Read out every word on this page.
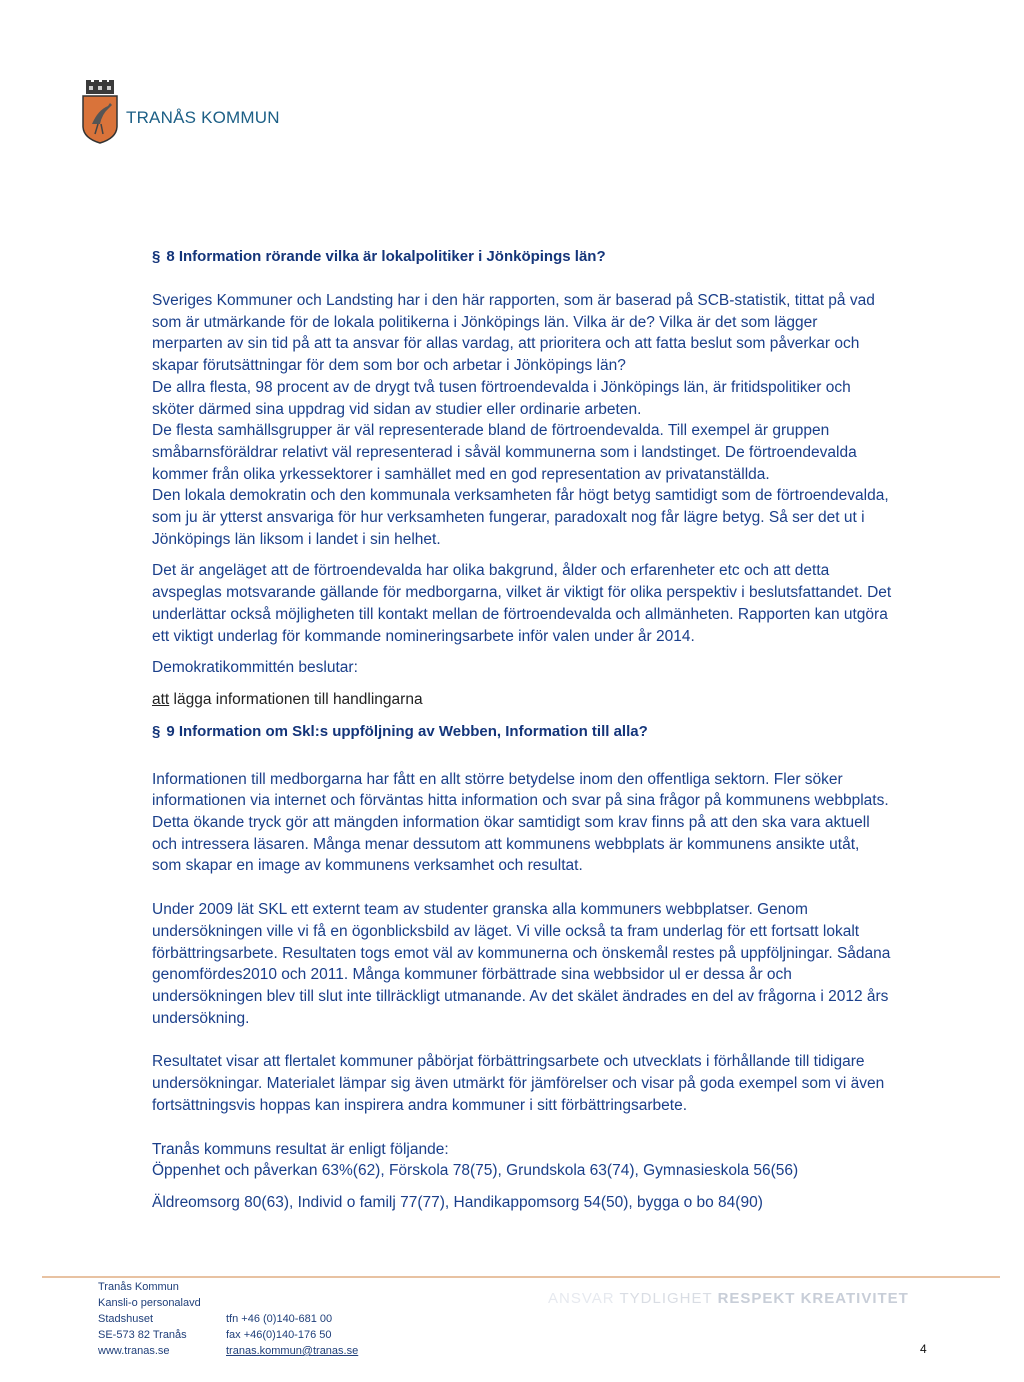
TRANÅS KOMMUN
§ 8 Information rörande vilka är lokalpolitiker i Jönköpings län?

Sveriges Kommuner och Landsting har i den här rapporten, som är baserad på SCB-statistik, tittat på vad som är utmärkande för de lokala politikerna i Jönköpings län. Vilka är de? Vilka är det som lägger merparten av sin tid på att ta ansvar för allas vardag, att prioritera och att fatta beslut som påverkar och skapar förutsättningar för dem som bor och arbetar i Jönköpings län?

De allra flesta, 98 procent av de drygt två tusen förtroendevalda i Jönköpings län, är fritidspolitiker och sköter därmed sina uppdrag vid sidan av studier eller ordinarie arbeten.

De flesta samhällsgrupper är väl representerade bland de förtroendevalda. Till exempel är gruppen småbarnsföräldrar relativt väl representerad i såväl kommunerna som i landstinget. De förtroendevalda kommer från olika yrkessektorer i samhället med en god representation av privatanställda.

Den lokala demokratin och den kommunala verksamheten får högt betyg samtidigt som de förtroendevalda, som ju är ytterst ansvariga för hur verksamheten fungerar, paradoxalt nog får lägre betyg. Så ser det ut i Jönköpings län liksom i landet i sin helhet.

Det är angeläget att de förtroendevalda har olika bakgrund, ålder och erfarenheter etc och att detta avspeglas motsvarande gällande för medborgarna, vilket är viktigt för olika perspektiv i beslutsfattandet. Det underlättar också möjligheten till kontakt mellan de förtroendevalda och allmänheten. Rapporten kan utgöra ett viktigt underlag för kommande nomineringsarbete inför valen under år 2014.

Demokratikommittén beslutar:

att lägga informationen till handlingarna

§ 9 Information om Skl:s uppföljning av Webben, Information till alla?

Informationen till medborgarna har fått en allt större betydelse inom den offentliga sektorn. Fler söker informationen via internet och förväntas hitta information och svar på sina frågor på kommunens webbplats. Detta ökande tryck gör att mängden information ökar samtidigt som krav finns på att den ska vara aktuell och intressera läsaren. Många menar dessutom att kommunens webbplats är kommunens ansikte utåt, som skapar en image av kommunens verksamhet och resultat.

Under 2009 lät SKL ett externt team av studenter granska alla kommuners webbplatser. Genom undersökningen ville vi få en ögonblicksbild av läget. Vi ville också ta fram underlag för ett fortsatt lokalt förbättringsarbete. Resultaten togs emot väl av kommunerna och önskemål restes på uppföljningar. Sådana genomfördes2010 och 2011. Många kommuner förbättrade sina webbsidor ul er dessa år och undersökningen blev till slut inte tillräckligt utmanande. Av det skälet ändrades en del av frågorna i 2012 års undersökning.

Resultatet visar att flertalet kommuner påbörjat förbättringsarbete och utvecklats i förhållande till tidigare undersökningar. Materialet lämpar sig även utmärkt för jämförelser och visar på goda exempel som vi även fortsättningsvis hoppas kan inspirera andra kommuner i sitt förbättringsarbete.

Tranås kommuns resultat är enligt följande:

Öppenhet och påverkan 63%(62), Förskola 78(75), Grundskola 63(74), Gymnasieskola 56(56)

Äldreomsorg 80(63), Individ o familj 77(77), Handikappomsorg 54(50), bygga o bo 84(90)

Tranås Kommun
Kansli-o personalavd
Stadshuset
SE-573 82 Tranås
www.tranas.se
tfn +46 (0)140-681 00
fax +46(0)140-176 50
tranas.kommun@tranas.se
ANSVAR TYDLIGHET RESPEKT KREATIVITET
4
